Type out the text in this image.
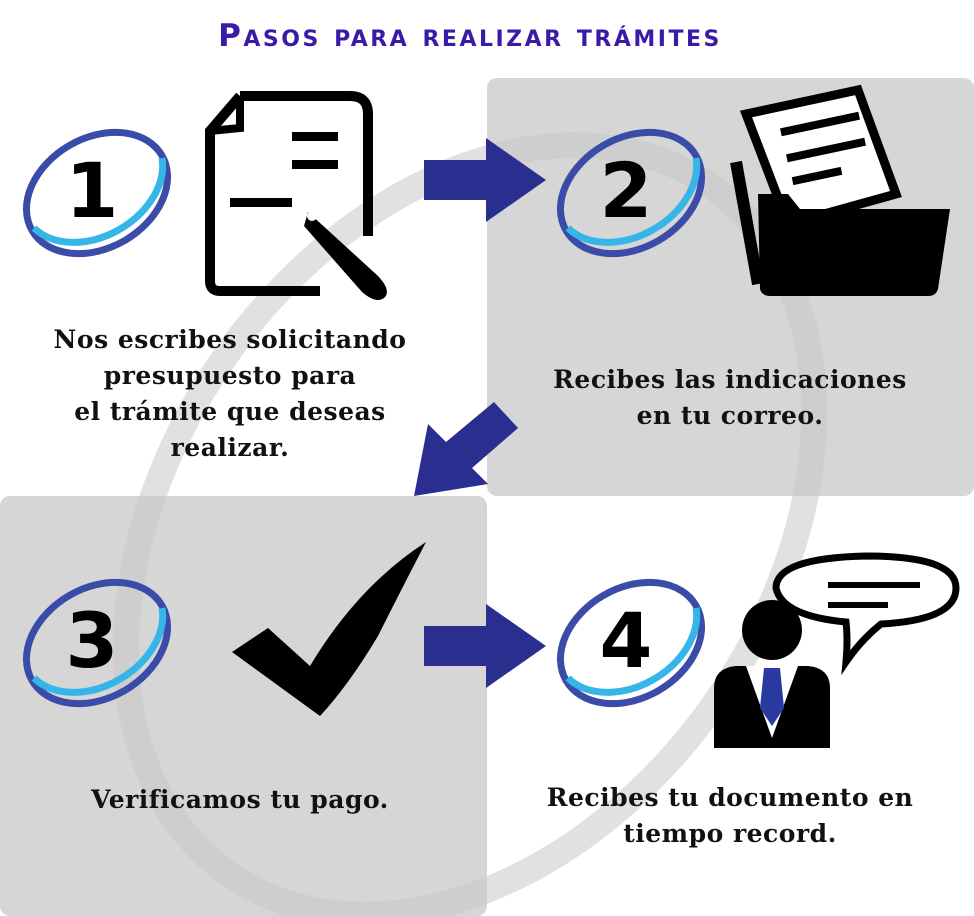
Pasos para realizar trámites
1
Nos escribes solicitando
presupuesto para
el trámite que deseas
realizar.
2
Recibes las indicaciones
en tu correo.
3
Verificamos tu pago.
4
Recibes tu documento en
tiempo record.
